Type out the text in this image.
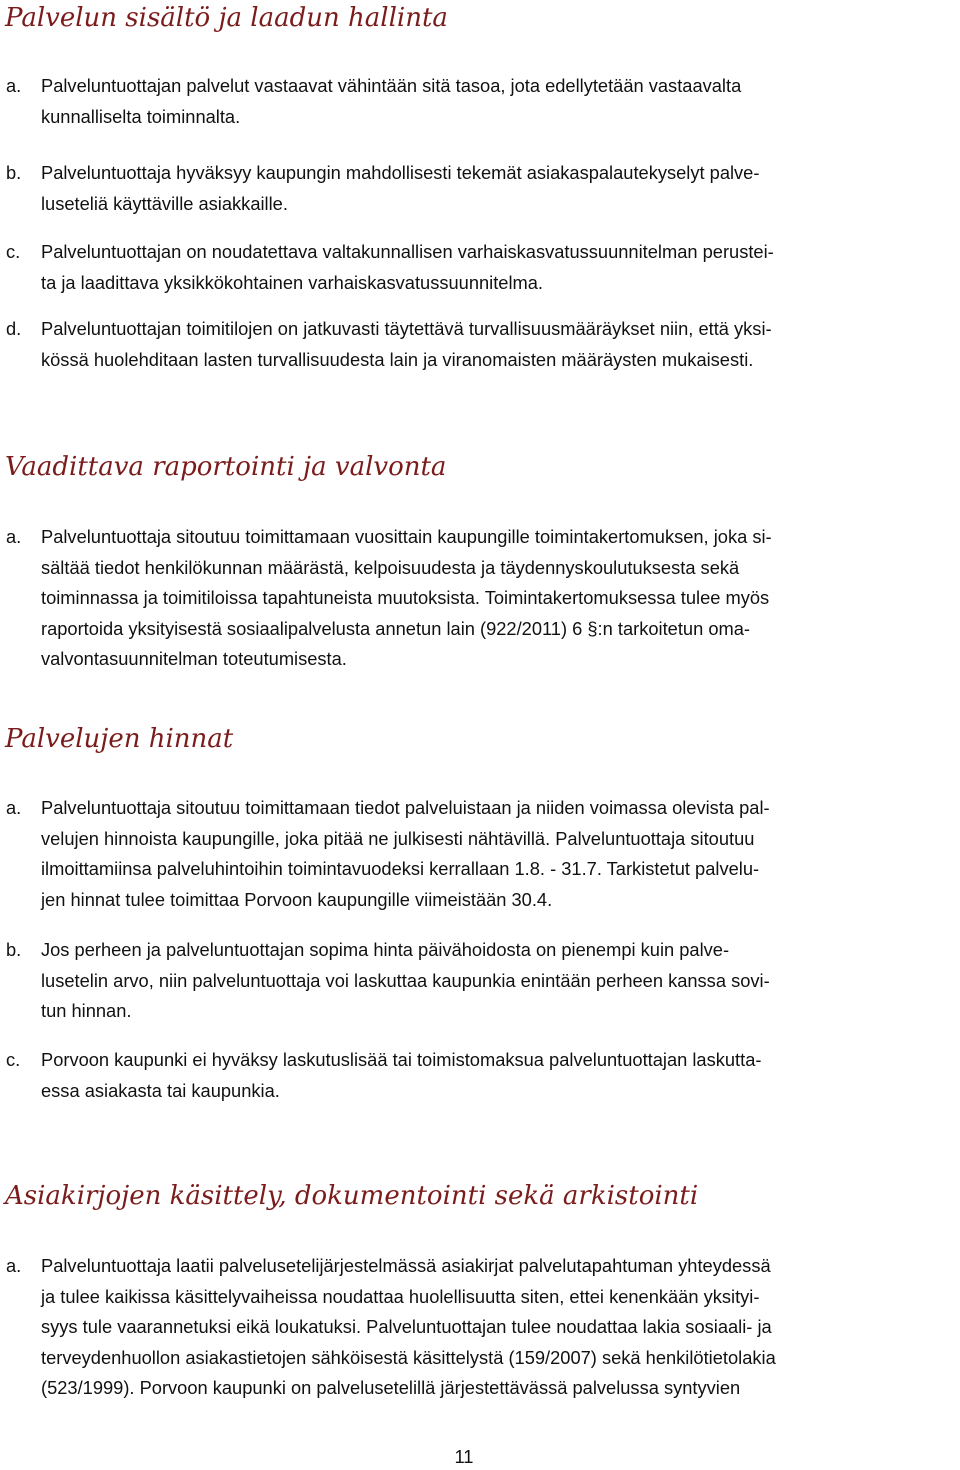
Palvelun sisältö ja laadun hallinta
a.	Palveluntuottajan palvelut vastaavat vähintään sitä tasoa, jota edellytetään vastaavalta
kunnalliselta toiminnalta.
b.	Palveluntuottaja hyväksyy kaupungin mahdollisesti tekemät asiakaspalautekyselyt palve-
luseteliä käyttäville asiakkaille.
c.	Palveluntuottajan on noudatettava valtakunnallisen varhaiskasvatussuunnitelman perustei-
ta ja laadittava yksikkökohtainen varhaiskasvatussuunnitelma.
d.	Palveluntuottajan toimitilojen on jatkuvasti täytettävä turvallisuusmääräykset niin, että yksi-
kössä huolehditaan lasten turvallisuudesta lain ja viranomaisten määräysten mukaisesti.
Vaadittava raportointi ja valvonta
a.	Palveluntuottaja sitoutuu toimittamaan vuosittain kaupungille toimintakertomuksen, joka si-
sältää tiedot henkilökunnan määrästä, kelpoisuudesta ja täydennyskoulutuksesta sekä
toiminnassa ja toimitiloissa tapahtuneista muutoksista. Toimintakertomuksessa tulee myös
raportoida yksityisestä sosiaalipalvelusta annetun lain (922/2011) 6 §:n tarkoitetun oma-
valvontasuunnitelman toteutumisesta.
Palvelujen hinnat
a.	Palveluntuottaja sitoutuu toimittamaan tiedot palveluistaan ja niiden voimassa olevista pal-
velujen hinnoista kaupungille, joka pitää ne julkisesti nähtävillä. Palveluntuottaja sitoutuu
ilmoittamiinsa palveluhintoihin toimintavuodeksi kerrallaan 1.8. - 31.7. Tarkistetut palvelu-
jen hinnat tulee toimittaa Porvoon kaupungille viimeistään 30.4.
b.	Jos perheen ja palveluntuottajan sopima hinta päivähoidosta on pienempi kuin palve-
lusetelin arvo, niin palveluntuottaja voi laskuttaa kaupunkia enintään perheen kanssa sovi-
tun hinnan.
c.	Porvoon kaupunki ei hyväksy laskutuslisää tai toimistomaksua palveluntuottajan laskutta-
essa asiakasta tai kaupunkia.
Asiakirjojen käsittely, dokumentointi sekä arkistointi
a.	Palveluntuottaja laatii palvelusetelijärjestelmässä asiakirjat palvelutapahtuman yhteydessä
ja tulee kaikissa käsittelyvaiheissa noudattaa huolellisuutta siten, ettei kenenkään yksityi-
syys tule vaarannetuksi eikä loukatuksi. Palveluntuottajan tulee noudattaa lakia sosiaali- ja
terveydenhuollon asiakastietojen sähköisestä käsittelystä (159/2007) sekä henkilötietolakia
(523/1999). Porvoon kaupunki on palvelusetelillä järjestettävässä palvelussa syntyvien
11
